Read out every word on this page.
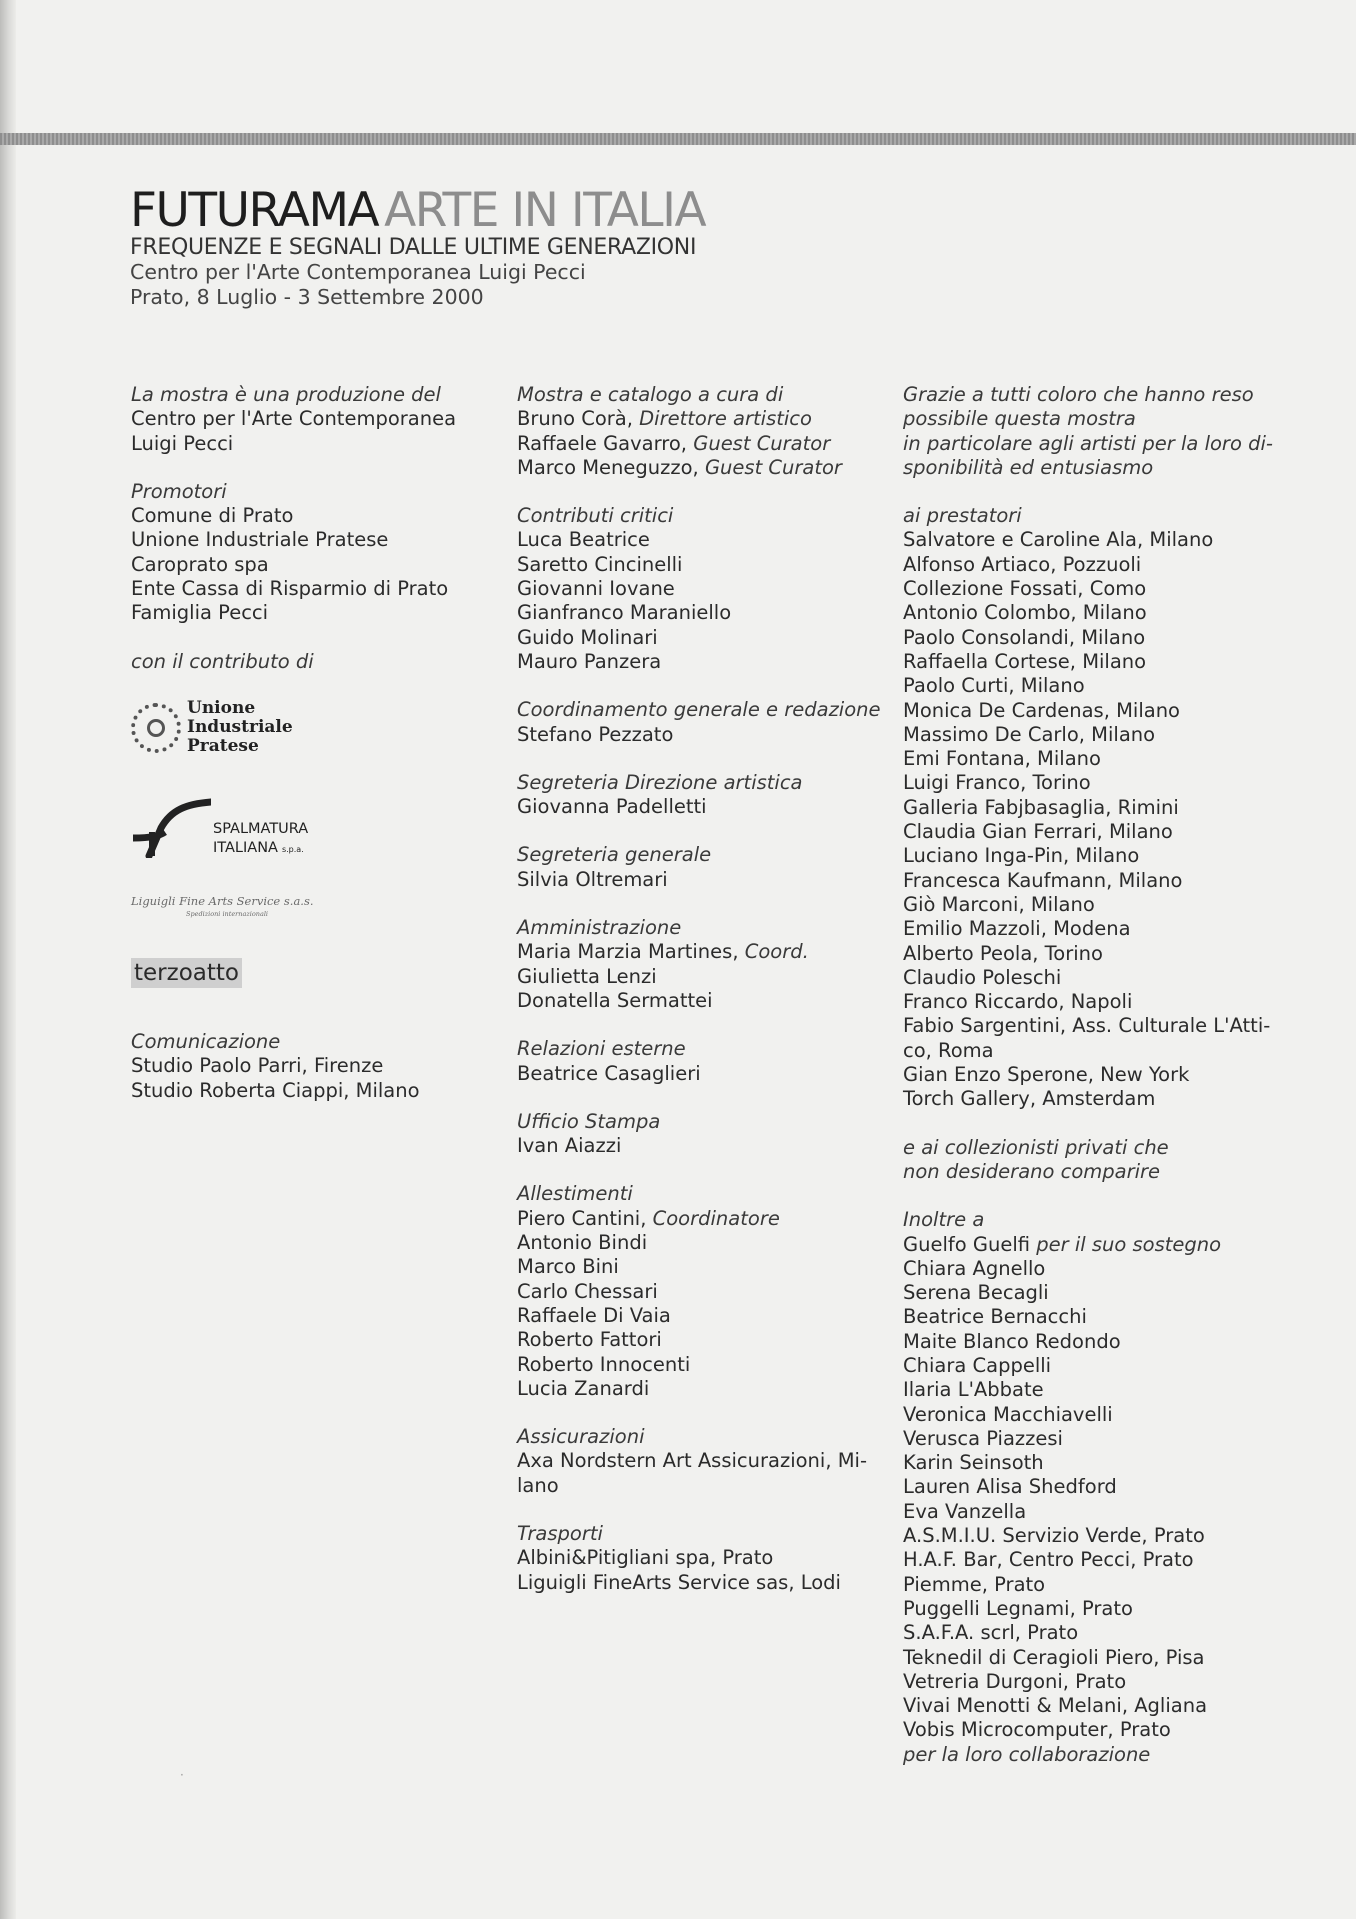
FUTURAMA ARTE IN ITALIA
FREQUENZE E SEGNALI DALLE ULTIME GENERAZIONI
Centro per l'Arte Contemporanea Luigi Pecci
Prato, 8 Luglio - 3 Settembre 2000
La mostra è una produzione del
Centro per l'Arte Contemporanea
Luigi Pecci
Promotori
Comune di Prato
Unione Industriale Pratese
Caroprato spa
Ente Cassa di Risparmio di Prato
Famiglia Pecci
con il contributo di
Unione
Industriale
Pratese
SPALMATURA
ITALIANA s.p.a.
Liguigli Fine Arts Service s.a.s.
Spedizioni internazionali
terzoatto
Comunicazione
Studio Paolo Parri, Firenze
Studio Roberta Ciappi, Milano
Mostra e catalogo a cura di
Bruno Corà, Direttore artistico
Raffaele Gavarro, Guest Curator
Marco Meneguzzo, Guest Curator
Contributi critici
Luca Beatrice
Saretto Cincinelli
Giovanni Iovane
Gianfranco Maraniello
Guido Molinari
Mauro Panzera
Coordinamento generale e redazione
Stefano Pezzato
Segreteria Direzione artistica
Giovanna Padelletti
Segreteria generale
Silvia Oltremari
Amministrazione
Maria Marzia Martines, Coord.
Giulietta Lenzi
Donatella Sermattei
Relazioni esterne
Beatrice Casaglieri
Ufficio Stampa
Ivan Aiazzi
Allestimenti
Piero Cantini, Coordinatore
Antonio Bindi
Marco Bini
Carlo Chessari
Raffaele Di Vaia
Roberto Fattori
Roberto Innocenti
Lucia Zanardi
Assicurazioni
Axa Nordstern Art Assicurazioni, Mi-
lano
Trasporti
Albini&Pitigliani spa, Prato
Liguigli FineArts Service sas, Lodi
Grazie a tutti coloro che hanno reso
possibile questa mostra
in particolare agli artisti per la loro di-
sponibilità ed entusiasmo
ai prestatori
Salvatore e Caroline Ala, Milano
Alfonso Artiaco, Pozzuoli
Collezione Fossati, Como
Antonio Colombo, Milano
Paolo Consolandi, Milano
Raffaella Cortese, Milano
Paolo Curti, Milano
Monica De Cardenas, Milano
Massimo De Carlo, Milano
Emi Fontana, Milano
Luigi Franco, Torino
Galleria Fabjbasaglia, Rimini
Claudia Gian Ferrari, Milano
Luciano Inga-Pin, Milano
Francesca Kaufmann, Milano
Giò Marconi, Milano
Emilio Mazzoli, Modena
Alberto Peola, Torino
Claudio Poleschi
Franco Riccardo, Napoli
Fabio Sargentini, Ass. Culturale L'Atti-
co, Roma
Gian Enzo Sperone, New York
Torch Gallery, Amsterdam
e ai collezionisti privati che
non desiderano comparire
Inoltre a
Guelfo Guelfi per il suo sostegno
Chiara Agnello
Serena Becagli
Beatrice Bernacchi
Maite Blanco Redondo
Chiara Cappelli
Ilaria L'Abbate
Veronica Macchiavelli
Verusca Piazzesi
Karin Seinsoth
Lauren Alisa Shedford
Eva Vanzella
A.S.M.I.U. Servizio Verde, Prato
H.A.F. Bar, Centro Pecci, Prato
Piemme, Prato
Puggelli Legnami, Prato
S.A.F.A. scrl, Prato
Teknedil di Ceragioli Piero, Pisa
Vetreria Durgoni, Prato
Vivai Menotti & Melani, Agliana
Vobis Microcomputer, Prato
per la loro collaborazione
·
